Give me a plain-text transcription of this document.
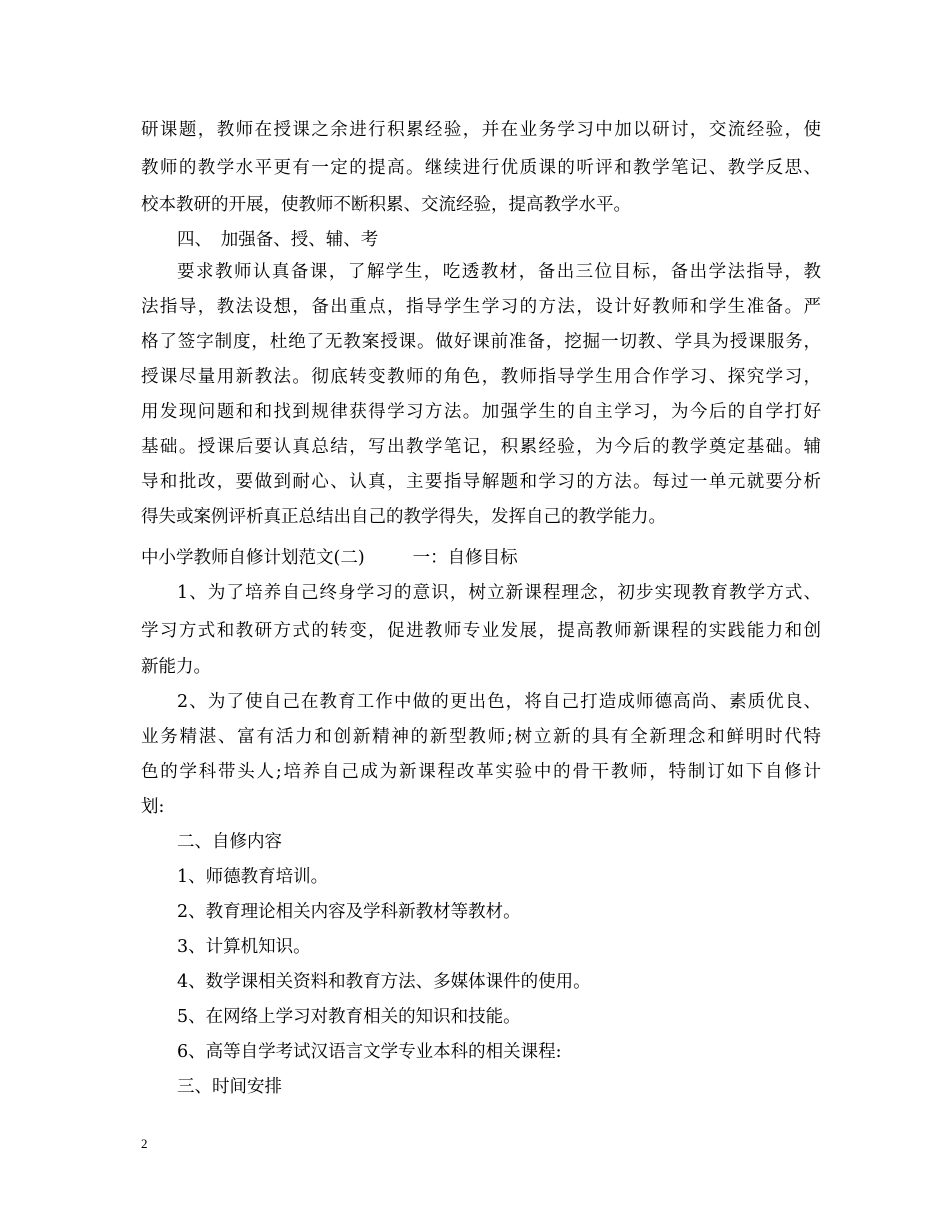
研课题，教师在授课之余进行积累经验，并在业务学习中加以研讨，交流经验，使
教师的教学水平更有一定的提高。继续进行优质课的听评和教学笔记、教学反思、
校本教研的开展，使教师不断积累、交流经验，提高教学水平。
四、　加强备、授、辅、考
要求教师认真备课，了解学生，吃透教材，备出三位目标，备出学法指导，教
法指导，教法设想，备出重点，指导学生学习的方法，设计好教师和学生准备。严
格了签字制度，杜绝了无教案授课。做好课前准备，挖掘一切教、学具为授课服务，
授课尽量用新教法。彻底转变教师的角色，教师指导学生用合作学习、探究学习，
用发现问题和和找到规律获得学习方法。加强学生的自主学习，为今后的自学打好
基础。授课后要认真总结，写出教学笔记，积累经验，为今后的教学奠定基础。辅
导和批改，要做到耐心、认真，主要指导解题和学习的方法。每过一单元就要分析
得失或案例评析真正总结出自己的教学得失，发挥自己的教学能力。
中小学教师自修计划范文(二)	一：自修目标
1、为了培养自己终身学习的意识，树立新课程理念，初步实现教育教学方式、
学习方式和教研方式的转变，促进教师专业发展，提高教师新课程的实践能力和创
新能力。
2、为了使自己在教育工作中做的更出色，将自己打造成师德高尚、素质优良、
业务精湛、富有活力和创新精神的新型教师;树立新的具有全新理念和鲜明时代特
色的学科带头人;培养自己成为新课程改革实验中的骨干教师，特制订如下自修计
划:
二、自修内容
1、师德教育培训。
2、教育理论相关内容及学科新教材等教材。
3、计算机知识。
4、数学课相关资料和教育方法、多媒体课件的使用。
5、在网络上学习对教育相关的知识和技能。
6、高等自学考试汉语言文学专业本科的相关课程:
三、时间安排
2
